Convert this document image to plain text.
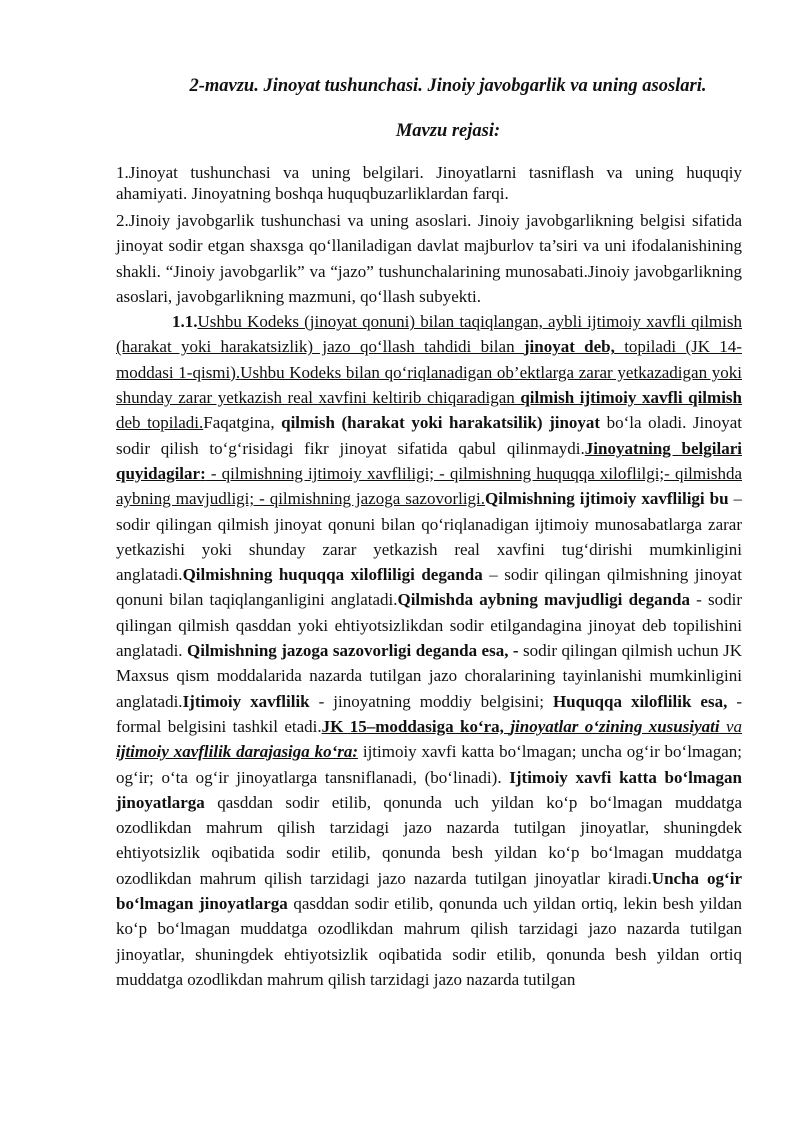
2-mavzu. Jinoyat tushunchasi. Jinoiy javobgarlik va uning asoslari.
Mavzu rejasi:

1.Jinoyat tushunchasi va uning belgilari. Jinoyatlarni tasniflash va uning huquqiy ahamiyati. Jinoyatning boshqa huquqbuzarliklardan farqi.

2.Jinoiy javobgarlik tushunchasi va uning asoslari. Jinoiy javobgarlikning belgisi sifatida jinoyat sodir etgan shaxsga qo‘llaniladigan davlat majburlov ta’siri va uni ifodalanishining shakli. “Jinoiy javobgarlik” va “jazo” tushunchalarining munosabati.Jinoiy javobgarlikning asoslari, javobgarlikning mazmuni, qo‘llash subyekti.

1.1.Ushbu Kodeks (jinoyat qonuni) bilan taqiqlangan, aybli ijtimoiy xavfli qilmish (harakat yoki harakatsizlik) jazo qo‘llash tahdidi bilan jinoyat deb, topiladi (JK 14-moddasi 1-qismi).Ushbu Kodeks bilan qo‘riqlanadigan ob’ektlarga zarar yetkazadigan yoki shunday zarar yetkazish real xavfini keltirib chiqaradigan qilmish ijtimoiy xavfli qilmish deb topiladi.Faqatgina, qilmish (harakat yoki harakatsilik) jinoyat bo‘la oladi. Jinoyat sodir qilish to‘g‘risidagi fikr jinoyat sifatida qabul qilinmaydi.Jinoyatning belgilari quyidagilar: - qilmishning ijtimoiy xavfliligi; - qilmishning huquqqa xiloflilgi;- qilmishda aybning mavjudligi; - qilmishning jazoga sazovorligi.Qilmishning ijtimoiy xavfliligi bu – sodir qilingan qilmish jinoyat qonuni bilan qo‘riqlanadigan ijtimoiy munosabatlarga zarar yetkazishi yoki shunday zarar yetkazish real xavfini tug‘dirishi mumkinligini anglatadi.Qilmishning huquqqa xilofliligi deganda – sodir qilingan qilmishning jinoyat qonuni bilan taqiqlanganligini anglatadi.Qilmishda aybning mavjudligi deganda - sodir qilingan qilmish qasddan yoki ehtiyotsizlikdan sodir etilgandagina jinoyat deb topilishini anglatadi. Qilmishning jazoga sazovorligi deganda esa, - sodir qilingan qilmish uchun JK Maxsus qism moddalarida nazarda tutilgan jazo choralarining tayinlanishi mumkinligini anglatadi.Ijtimoiy xavflilik - jinoyatning moddiy belgisini; Huquqqa xiloflilik esa, - formal belgisini tashkil etadi.JK 15–moddasiga ko‘ra, jinoyatlar o‘zining xususiyati va ijtimoiy xavflilik darajasiga ko‘ra: ijtimoiy xavfi katta bo‘lmagan; uncha og‘ir bo‘lmagan; og‘ir; o‘ta og‘ir jinoyatlarga tansniflanadi, (bo‘linadi). Ijtimoiy xavfi katta bo‘lmagan jinoyatlarga qasddan sodir etilib, qonunda uch yildan ko‘p bo‘lmagan muddatga ozodlikdan mahrum qilish tarzidagi jazo nazarda tutilgan jinoyatlar, shuningdek ehtiyotsizlik oqibatida sodir etilib, qonunda besh yildan ko‘p bo‘lmagan muddatga ozodlikdan mahrum qilish tarzidagi jazo nazarda tutilgan jinoyatlar kiradi.Uncha og‘ir bo‘lmagan jinoyatlarga qasddan sodir etilib, qonunda uch yildan ortiq, lekin besh yildan ko‘p bo‘lmagan muddatga ozodlikdan mahrum qilish tarzidagi jazo nazarda tutilgan jinoyatlar, shuningdek ehtiyotsizlik oqibatida sodir etilib, qonunda besh yildan ortiq muddatga ozodlikdan mahrum qilish tarzidagi jazo nazarda tutilgan
